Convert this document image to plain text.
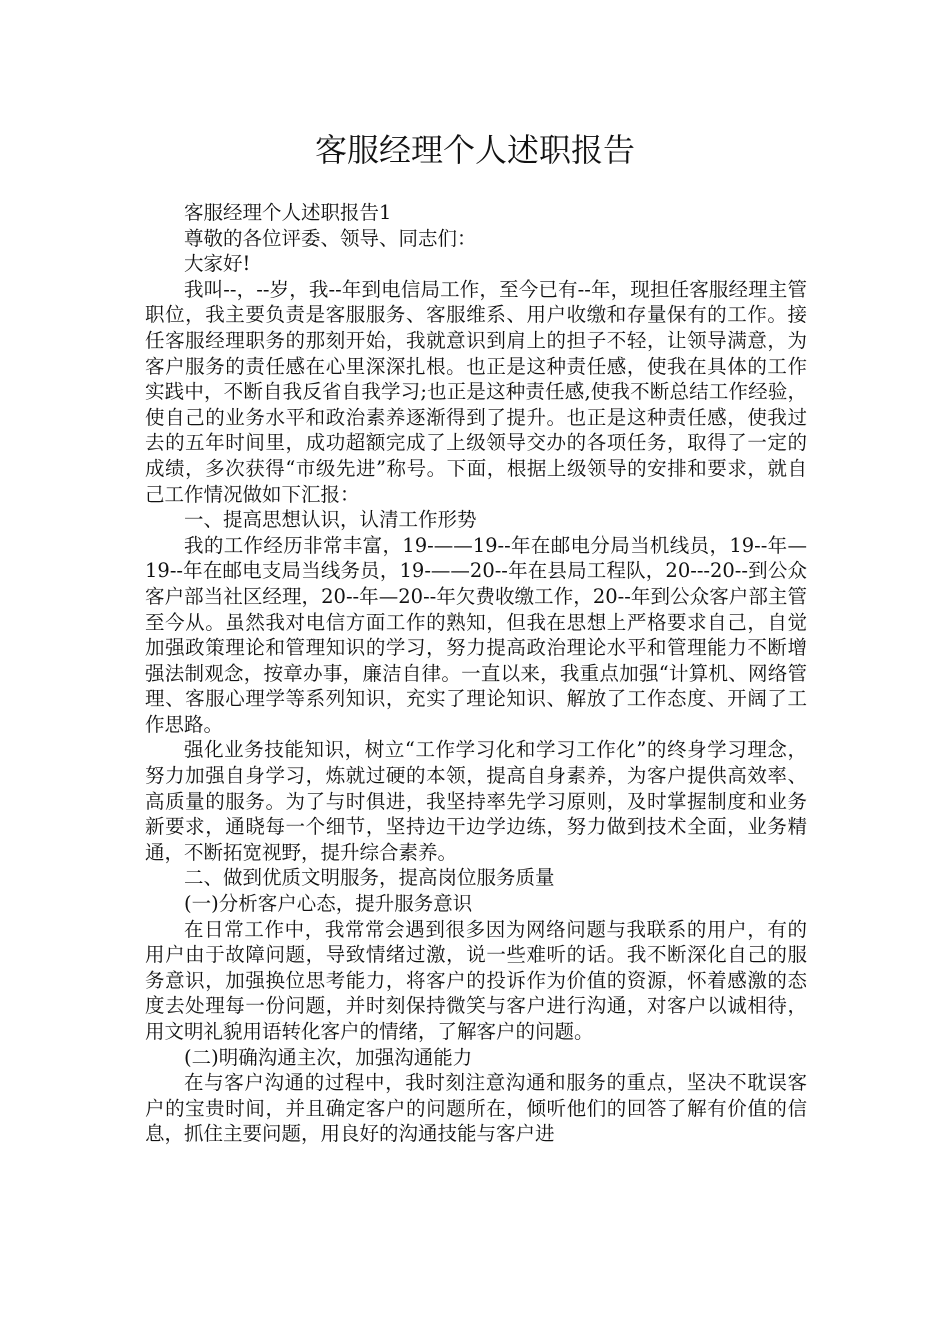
客服经理个人述职报告

客服经理个人述职报告1

尊敬的各位评委、领导、同志们：

大家好!

我叫--，--岁，我--年到电信局工作，至今已有--年，现担任客服经理主管职位，我主要负责是客服服务、客服维系、用户收缴和存量保有的工作。接任客服经理职务的那刻开始，我就意识到肩上的担子不轻，让领导满意，为客户服务的责任感在心里深深扎根。也正是这种责任感，使我在具体的工作实践中，不断自我反省自我学习;也正是这种责任感,使我不断总结工作经验，使自己的业务水平和政治素养逐渐得到了提升。也正是这种责任感，使我过去的五年时间里，成功超额完成了上级领导交办的各项任务，取得了一定的成绩，多次获得“市级先进”称号。下面，根据上级领导的安排和要求，就自己工作情况做如下汇报：

一、提高思想认识，认清工作形势

我的工作经历非常丰富，19-——19--年在邮电分局当机线员，19--年—19--年在邮电支局当线务员，19-——20--年在县局工程队，20---20--到公众客户部当社区经理，20--年—20--年欠费收缴工作，20--年到公众客户部主管至今从。虽然我对电信方面工作的熟知，但我在思想上严格要求自己，自觉加强政策理论和管理知识的学习，努力提高政治理论水平和管理能力不断增强法制观念，按章办事，廉洁自律。一直以来，我重点加强“计算机、网络管理、客服心理学等系列知识，充实了理论知识、解放了工作态度、开阔了工作思路。

强化业务技能知识，树立“工作学习化和学习工作化”的终身学习理念，努力加强自身学习，炼就过硬的本领，提高自身素养，为客户提供高效率、高质量的服务。为了与时俱进，我坚持率先学习原则，及时掌握制度和业务新要求，通晓每一个细节，坚持边干边学边练，努力做到技术全面，业务精通，不断拓宽视野，提升综合素养。

二、做到优质文明服务，提高岗位服务质量

(一)分析客户心态，提升服务意识

在日常工作中，我常常会遇到很多因为网络问题与我联系的用户，有的用户由于故障问题，导致情绪过激，说一些难听的话。我不断深化自己的服务意识，加强换位思考能力，将客户的投诉作为价值的资源，怀着感激的态度去处理每一份问题，并时刻保持微笑与客户进行沟通，对客户以诚相待，用文明礼貌用语转化客户的情绪，了解客户的问题。

(二)明确沟通主次，加强沟通能力

在与客户沟通的过程中，我时刻注意沟通和服务的重点，坚决不耽误客户的宝贵时间，并且确定客户的问题所在，倾听他们的回答了解有价值的信息，抓住主要问题，用良好的沟通技能与客户进
